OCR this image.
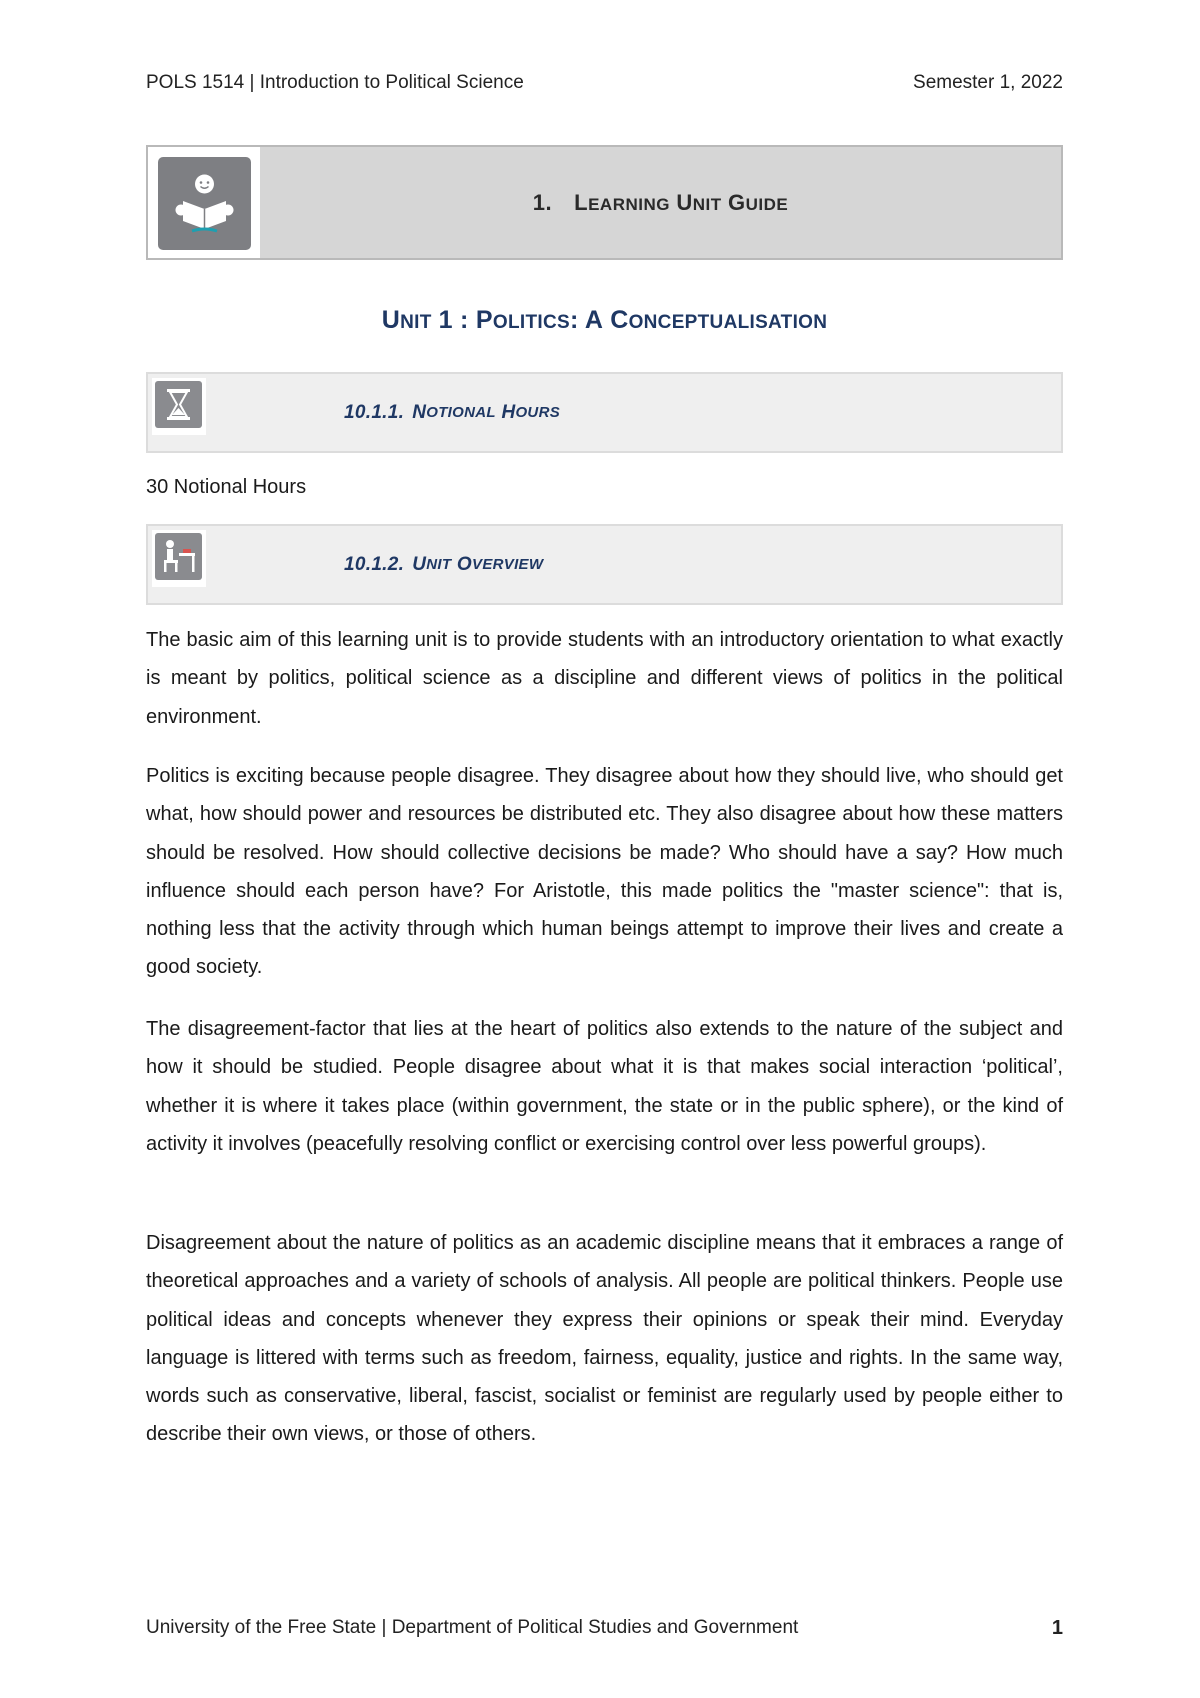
POLS 1514 | Introduction to Political Science	Semester 1, 2022
1. LEARNING UNIT GUIDE
UNIT 1 : POLITICS: A CONCEPTUALISATION
10.1.1. N OTIONAL
H OURS
30 Notional Hours
10.1.2. U NIT
O VERVIEW

The basic aim of this learning unit is to provide students with an introductory orientation to what exactly is meant by politics, political science as a discipline and different views of politics in the political environment.

Politics is exciting because people disagree. They disagree about how they should live, who should get what, how should power and resources be distributed etc. They also disagree about how these matters should be resolved. How should collective decisions be made? Who should have a say? How much influence should each person have? For Aristotle, this made politics the "master science": that is, nothing less that the activity through which human beings attempt to improve their lives and create a good society.

The disagreement-factor that lies at the heart of politics also extends to the nature of the subject and how it should be studied. People disagree about what it is that makes social interaction ‘political’, whether it is where it takes place (within government, the state or in the public sphere), or the kind of activity it involves (peacefully resolving conflict or exercising control over less powerful groups).

Disagreement about the nature of politics as an academic discipline means that it embraces a range of theoretical approaches and a variety of schools of analysis. All people are political thinkers. People use political ideas and concepts whenever they express their opinions or speak their mind. Everyday language is littered with terms such as freedom, fairness, equality, justice and rights. In the same way, words such as conservative, liberal, fascist, socialist or feminist are regularly used by people either to describe their own views, or those of others.

University of the Free State | Department of Political Studies and Government	1
